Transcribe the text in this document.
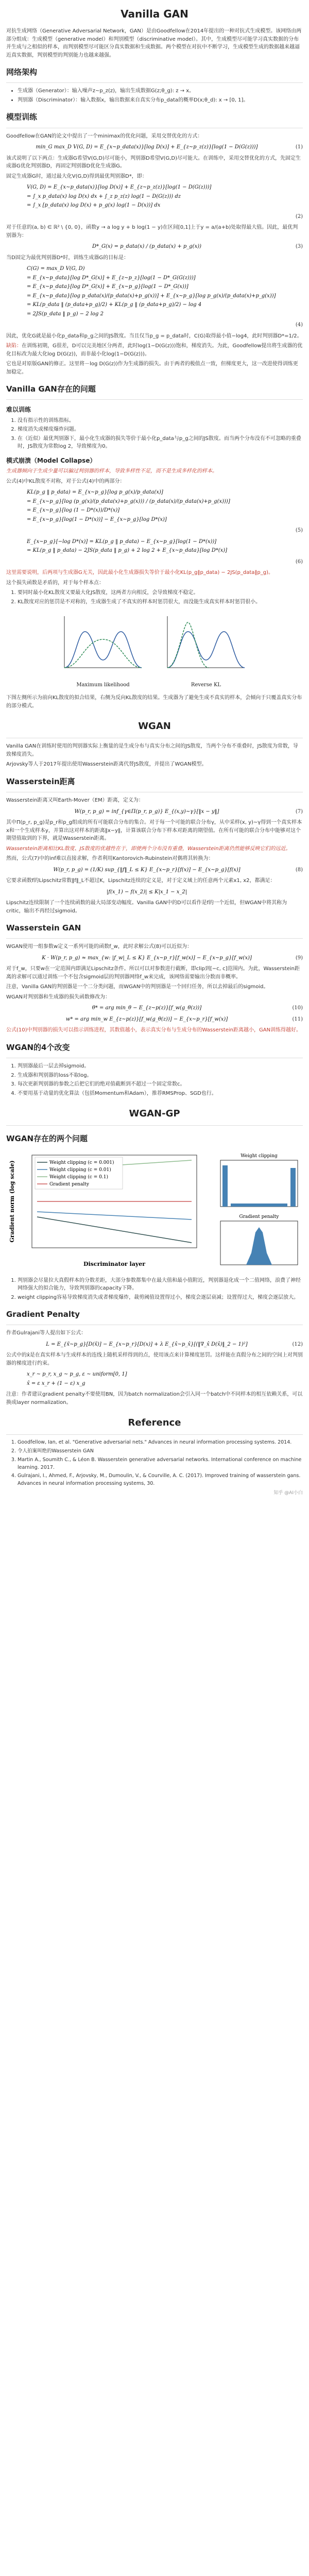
Vanilla GAN

对抗生成网络（Generative Adversarial Network，GAN）是由Goodfellow在2014年提出的一种对抗式生成模型。该网络由两部分组成：生成模型（generative model）和判别模型（discriminative model）。其中，生成模型尽可能学习真实数据的分布并生成与之相似的样本，而判别模型尽可能区分真实数据和生成数据。两个模型在对抗中不断学习，生成模型生成的数据越来越逼近真实数据，判别模型的判别能力也越来越强。

网络架构
• 生成器（Generator）：输入噪声z∼p_z(z)，输出生成数据G(z;θ_g): z → x。
• 判别器（Discriminator）：输入数据x，输出数据来自真实分布p_data的概率D(x;θ_d): x → [0, 1]。
模型训练

Goodfellow在GAN的论文中提出了一个minimax的优化问题，采用交替优化的方式：

min_G max_D V(G, D) = E_{x∼p_data(x)}[log D(x)] + E_{z∼p_z(z)}[log(1 − D(G(z)))]	(1)

该式说明了以下两点：生成器G希望V(G,D)尽可能小，判别器D希望V(G,D)尽可能大。在训练中，采用交替优化的方式，先固定生成器G优化判别器D，再固定判别器D优化生成器G。

固定生成器G时，通过最大化V(G,D)得到最优判别器D*，即：

V(G, D) = E_{x∼p_data(x)}[log D(x)] + E_{z∼p_z(z)}[log(1 − D(G(z)))]
= ∫_x p_data(x) log D(x) dx + ∫_z p_z(z) log(1 − D(G(z))) dz
= ∫_x [p_data(x) log D(x) + p_g(x) log(1 − D(x))] dx
(2)

对于任意的(a, b) ∈ ℝ² \ {0, 0}，函数y → a log y + b log(1 − y)在区间[0,1]上于y = a/(a+b)处取得最大值。因此，最优判别器为：

D*_G(x) = p_data(x) / (p_data(x) + p_g(x))	(3)

当D固定为最优判别器D*时，训练生成器G的目标是：

C(G) = max_D V(G, D)
= E_{x∼p_data}[log D*_G(x)] + E_{z∼p_z}[log(1 − D*_G(G(z)))]
= E_{x∼p_data}[log D*_G(x)] + E_{x∼p_g}[log(1 − D*_G(x))]
= E_{x∼p_data}[log p_data(x)/(p_data(x)+p_g(x))] + E_{x∼p_g}[log p_g(x)/(p_data(x)+p_g(x))]
= KL(p_data ‖ (p_data+p_g)/2) + KL(p_g ‖ (p_data+p_g)/2) − log 4
= 2JS(p_data ‖ p_g) − 2 log 2
(4)

因此，优化G就是最小化p_data和p_g之间的JS散度。当且仅当p_g = p_data时，C(G)取得最小值−log4，此时判别器D*=1/2。

缺陷：在训练初期，G很差，D可以完美地区分两者，此时log(1−D(G(z)))饱和，梯度消失。为此，Goodfellow提出将生成器的优化目标改为最大化log D(G(z))，而非最小化log(1−D(G(z)))。

它也是对原版GAN的修正。这里将－log D(G(z))作为生成器的损失。由于两者的极值点一致，但梯度更大，这一改进使得训练更加稳定。

Vanilla GAN存在的问题
难以训练
1. 没有指示性的训练指标。
2. 梯度消失或梯度爆炸问题。
3. 在（近似）最优判别器下，最小化生成器的损失等价于最小化p_data与p_g之间的JS散度。而当两个分布没有不可忽略的重叠时，JS散度为常数log 2，导致梯度为0。
模式崩溃（Model Collapse）

生成器倾向于生成少量可以骗过判别器的样本，导致多样性不足，而不是生成多样化的样本。

公式(4)中KL散度不对称，对于公式(4)中的两部分：

KL(p_g ‖ p_data) = E_{x∼p_g}[log p_g(x)/p_data(x)]
= E_{x∼p_g}[log (p_g(x)/(p_data(x)+p_g(x))) / (p_data(x)/(p_data(x)+p_g(x)))]
= E_{x∼p_g}[log (1 − D*(x))/D*(x)]
= E_{x∼p_g}[log(1 − D*(x))] − E_{x∼p_g}[log D*(x)]
(5)
E_{x∼p_g}[−log D*(x)] = KL(p_g ‖ p_data) − E_{x∼p_g}[log(1 − D*(x))]
= KL(p_g ‖ p_data) − 2JS(p_data ‖ p_g) + 2 log 2 + E_{x∼p_data}[log D*(x)]
(6)

这里需要说明，后两项与生成器G无关，因此最小化生成器损失等价于最小化KL(p_g‖p_data) − 2JS(p_data‖p_g)。

这个损失函数是矛盾的，对于每个样本点：

1. 要同时最小化KL散度又要最大化JS散度，这两者方向相反，会导致梯度不稳定。
2. KL散度对应的惩罚是不对称的，生成器生成了不真实的样本时惩罚很大，而没能生成真实样本时惩罚很小。
Maximum likelihood	Reverse KL

下图左侧所示为前向KL散度的拟合结果，右侧为反向KL散度的结果。生成器为了避免生成不真实的样本，会倾向于只覆盖真实分布的部分模式。

WGAN

Vanilla GAN在训练时使用的判别器实际上衡量的是生成分布与真实分布之间的JS散度，当两个分布不重叠时，JS散度为常数，导致梯度消失。

Arjovsky等人于2017年提出使用Wasserstein距离代替JS散度，并提出了WGAN模型。

Wasserstein距离

Wasserstein距离又叫Earth-Mover（EM）距离，定义为：

W(p_r, p_g) = inf_{γ∈Π(p_r, p_g)} E_{(x,y)∼γ}[‖x − y‖]	(7)

其中Π(p_r, p_g)是p_r和p_g组成的所有可能联合分布的集合。对于每一个可能的联合分布γ，从中采样(x, y)∼γ得到一个真实样本x和一个生成样本y，并算出这对样本的距离‖x−y‖，计算该联合分布下样本对距离的期望值。在所有可能的联合分布中能够对这个期望值取到的下界，就是Wasserstein距离。

Wasserstein距离相比KL散度、JS散度的优越性在于，即使两个分布没有重叠，Wasserstein距离仍然能够反映它们的远近。

然而，公式(7)中的inf难以直接求解，作者利用Kantorovich-Rubinstein对偶将其转换为：

W(p_r, p_g) = (1/K) sup_{‖f‖_L ≤ K} E_{x∼p_r}[f(x)] − E_{x∼p_g}[f(x)]	(8)

它要求函数f的Lipschitz常数‖f‖_L不超过K，Lipschitz连续的定义是，对于定义域上的任意两个元素x1, x2，都满足：

|f(x_1) − f(x_2)| ≤ K|x_1 − x_2|

Lipschitz连续限制了一个连续函数的最大局部变动幅度。Vanilla GAN中的D可以看作是f的一个近似，但WGAN中将其称为critic，输出不再经过sigmoid。

Wasserstein GAN

WGAN使用一组参数w定义一系列可能的函数f_w，此时求解公式(8)可以近似为：

K · W(p_r, p_g) ≈ max_{w: |f_w|_L ≤ K} E_{x∼p_r}[f_w(x)] − E_{x∼p_g}[f_w(x)]	(9)

对于f_w，只要w在一定范围内即满足Lipschitz条件。所以可以对参数进行截断，即clip到[−c, c]范围内。为此，Wasserstein距离的求解可以通过训练一个不包含sigmoid层的判别器网络f_w来完成，该网络需要输出分数而非概率。

注意，Vanilla GAN的判别器是一个二分类问题，而WGAN中的判别器是一个回归任务，所以去掉最后的sigmoid。

WGAN对判别器和生成器的损失函数修改为：

θ* = arg min_θ − E_{z∼p(z)}[f_w(g_θ(z))]	(10)
w* = arg min_w E_{z∼p(z)}[f_w(g_θ(z))] − E_{x∼p_r}[f_w(x)]	(11)

公式(10)中判别器的损失可以指示训练进程，其数值越小，表示真实分布与生成分布的Wasserstein距离越小，GAN训练得越好。

WGAN的4个改变
1. 判别器最后一层去掉sigmoid。
2. 生成器和判别器的loss不取log。
3. 每次更新判别器的参数之后把它们的绝对值截断到不超过一个固定常数c。
4. 不要用基于动量的优化算法（包括Momentum和Adam），推荐RMSProp、SGD也行。
WGAN-GP
WGAN存在的两个问题
Gradient norm (log scale)
Discriminator layer
Weight clipping (c = 0.001)
Weight clipping (c = 0.01)
Weight clipping (c = 0.1)
Gradient penalty
Weight clipping
Gradient penalty
1. 判别器会尽量拉大真假样本的分数差距，大部分参数都集中在最大值和最小值附近，判别器退化成一个二值网络，浪费了神经网络强大的拟合能力，导致判别器的capacity下降。
2. weight clipping容易导致梯度消失或者梯度爆炸，裁剪阈值设置得过小，梯度会逐层衰减；设置得过大，梯度会逐层放大。
Gradient Penalty

作者Gulrajani等人提出如下公式：

L = E_{x̃∼p_g}[D(x̃)] − E_{x∼p_r}[D(x)] + λ E_{x̂∼p_x̂}[(‖∇_x̂ D(x̂)‖_2 − 1)²]	(12)

公式中的x̂是在真实样本与生成样本的连线上随机采样得到的点，使用该点来计算梯度惩罚。这样能在真假分布之间的空间上对判别器的梯度进行约束。

x_r ∼ p_r, x_g ∼ p_g, ε ∼ uniform[0, 1]
x̂ = ε x_r + (1 − ε) x_g

注意：作者建议gradient penalty不要使用BN，因为batch normalization会引入同一个batch中不同样本的相互依赖关系，可以换成layer normalization。

Reference
1. Goodfellow, Ian, et al. "Generative adversarial nets." Advances in neural information processing systems. 2014.
2. 令人拍案叫绝的Wasserstein GAN
3. Martin A., Soumith C., & Léon B. Wasserstein generative adversarial networks. International conference on machine learning. 2017.
4. Gulrajani, I., Ahmed, F., Arjovsky, M., Dumoulin, V., & Courville, A. C. (2017). Improved training of wasserstein gans. Advances in neural information processing systems, 30.
知乎 @AI小白
